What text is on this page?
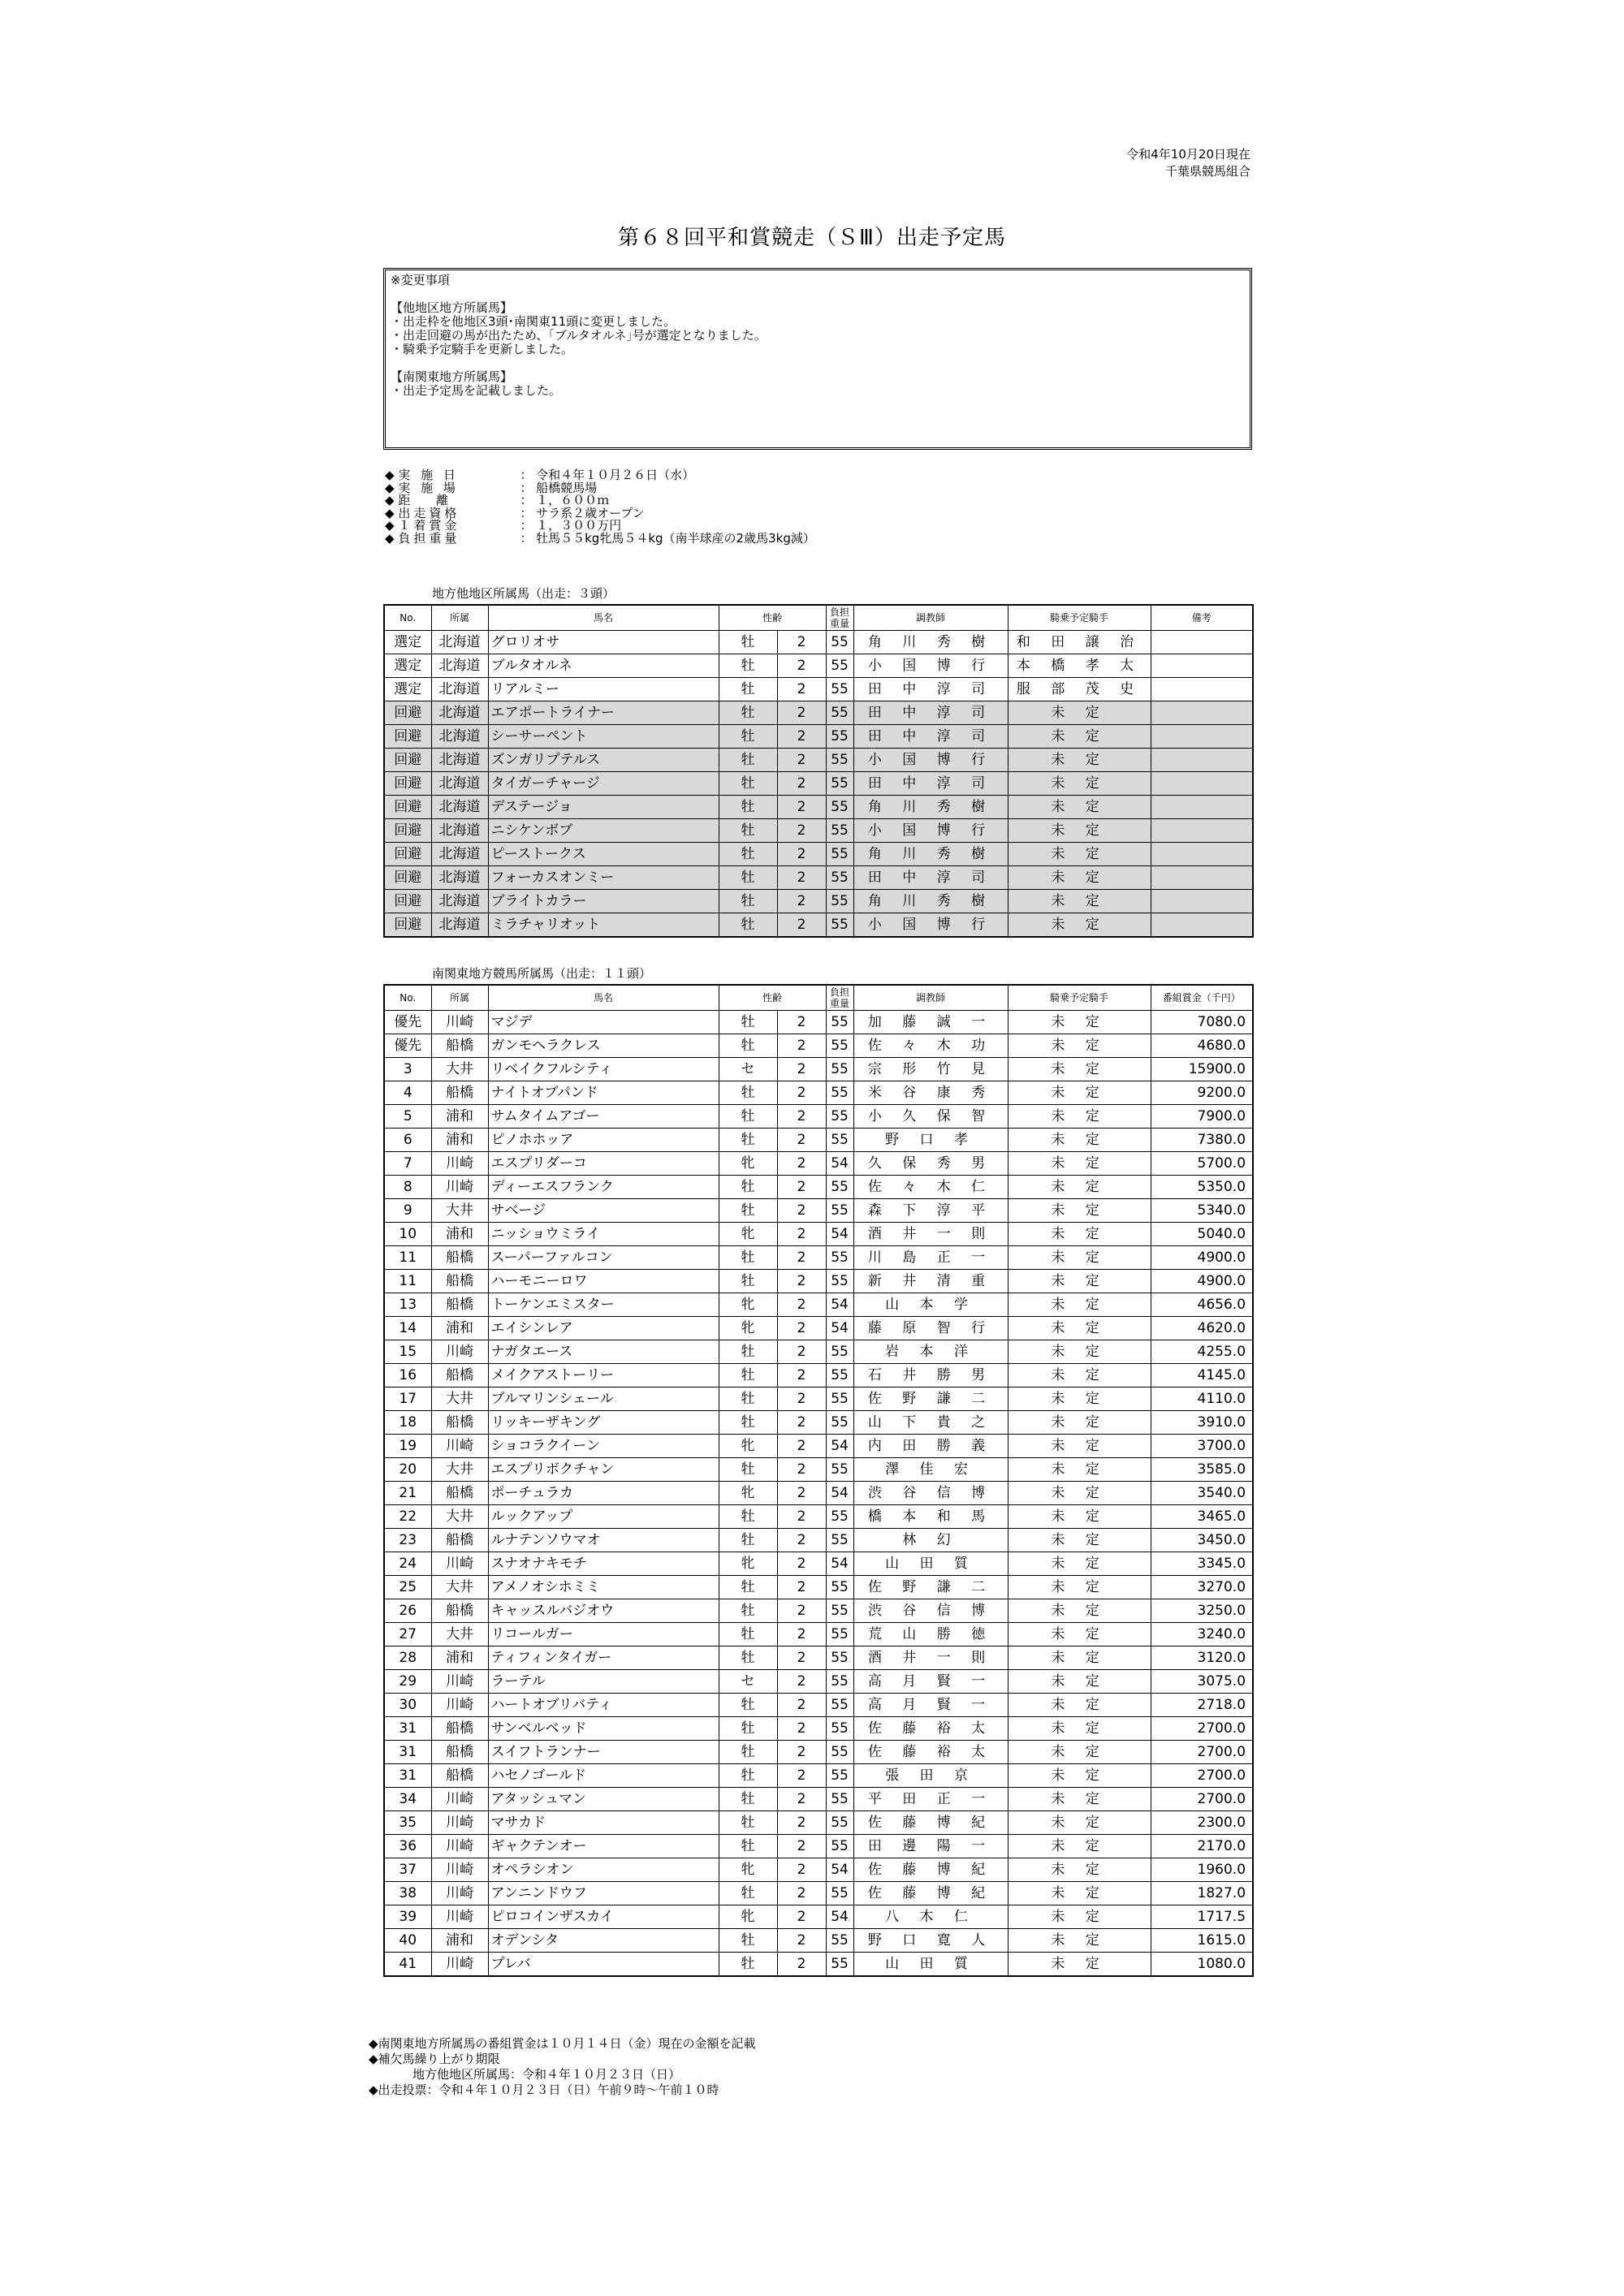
令和4年10月20日現在
千葉県競馬組合
第６８回平和賞競走（ＳⅢ）出走予定馬
※変更事項
【他地区地方所属馬】
・出走枠を他地区3頭･南関東11頭に変更しました。
・出走回避の馬が出たため、｢ブルタオルネ｣号が選定となりました。
・騎乗予定騎手を更新しました。
【南関東地方所属馬】
・出走予定馬を記載しました。
◆ 実 施 日	： 令和４年１０月２６日（水）
◆ 実 施 場	： 船橋競馬場
◆ 距　 離	： １，６００ｍ
◆ 出走資格	： サラ系２歳オープン
◆ １着賞金	： １，３００万円
◆ 負担重量	： 牡馬５５kg牝馬５４kg（南半球産の2歳馬3kg減）
地方他地区所属馬（出走：３頭）
No.	所属	馬名	性齢		負担重量	調教師	騎乗予定騎手	備考
選定	北海道	グロリオサ	牡	2	55	角 川 秀 樹	和 田 譲 治	
選定	北海道	ブルタオルネ	牡	2	55	小 国 博 行	本 橋 孝 太	
選定	北海道	リアルミー	牡	2	55	田 中 淳 司	服 部 茂 史	
回避	北海道	エアポートライナー	牡	2	55	田 中 淳 司	未 定	
回避	北海道	シーサーペント	牡	2	55	田 中 淳 司	未 定	
回避	北海道	ズンガリプテルス	牡	2	55	小 国 博 行	未 定	
回避	北海道	タイガーチャージ	牡	2	55	田 中 淳 司	未 定	
回避	北海道	デステージョ	牡	2	55	角 川 秀 樹	未 定	
回避	北海道	ニシケンボブ	牡	2	55	小 国 博 行	未 定	
回避	北海道	ピーストークス	牡	2	55	角 川 秀 樹	未 定	
回避	北海道	フォーカスオンミー	牡	2	55	田 中 淳 司	未 定	
回避	北海道	ブライトカラー	牡	2	55	角 川 秀 樹	未 定	
回避	北海道	ミラチャリオット	牡	2	55	小 国 博 行	未 定	
南関東地方競馬所属馬（出走：１１頭）
No.	所属	馬名	性齢		負担重量	調教師	騎乗予定騎手	番組賞金（千円）
優先	川崎	マジデ	牡	2	55	加 藤 誠 一	未 定	7080.0
優先	船橋	ガンモヘラクレス	牡	2	55	佐 々 木 功	未 定	4680.0
3	大井	リベイクフルシティ	セ	2	55	宗 形 竹 見	未 定	15900.0
4	船橋	ナイトオブパンド	牡	2	55	米 谷 康 秀	未 定	9200.0
5	浦和	サムタイムアゴー	牡	2	55	小 久 保 智	未 定	7900.0
6	浦和	ピノホホッア	牡	2	55	野 口 孝	未 定	7380.0
7	川崎	エスプリダーコ	牝	2	54	久 保 秀 男	未 定	5700.0
8	川崎	ディーエスフランク	牡	2	55	佐 々 木 仁	未 定	5350.0
9	大井	サベージ	牡	2	55	森 下 淳 平	未 定	5340.0
10	浦和	ニッショウミライ	牝	2	54	酒 井 一 則	未 定	5040.0
11	船橋	スーパーファルコン	牡	2	55	川 島 正 一	未 定	4900.0
11	船橋	ハーモニーロワ	牡	2	55	新 井 清 重	未 定	4900.0
13	船橋	トーケンエミスター	牝	2	54	山 本 学	未 定	4656.0
14	浦和	エイシンレア	牝	2	54	藤 原 智 行	未 定	4620.0
15	川崎	ナガタエース	牡	2	55	岩 本 洋	未 定	4255.0
16	船橋	メイクアストーリー	牡	2	55	石 井 勝 男	未 定	4145.0
17	大井	ブルマリンシェール	牡	2	55	佐 野 謙 二	未 定	4110.0
18	船橋	リッキーザキング	牡	2	55	山 下 貴 之	未 定	3910.0
19	川崎	ショコラクイーン	牝	2	54	内 田 勝 義	未 定	3700.0
20	大井	エスプリボクチャン	牡	2	55	澤 佳 宏	未 定	3585.0
21	船橋	ポーチュラカ	牝	2	54	渋 谷 信 博	未 定	3540.0
22	大井	ルックアップ	牡	2	55	橋 本 和 馬	未 定	3465.0
23	船橋	ルナテンソウマオ	牡	2	55	林 幻	未 定	3450.0
24	川崎	スナオナキモチ	牝	2	54	山 田 質	未 定	3345.0
25	大井	アメノオシホミミ	牡	2	55	佐 野 謙 二	未 定	3270.0
26	船橋	キャッスルバジオウ	牡	2	55	渋 谷 信 博	未 定	3250.0
27	大井	リコールガー	牡	2	55	荒 山 勝 徳	未 定	3240.0
28	浦和	ティフィンタイガー	牡	2	55	酒 井 一 則	未 定	3120.0
29	川崎	ラーテル	セ	2	55	高 月 賢 一	未 定	3075.0
30	川崎	ハートオブリバティ	牡	2	55	高 月 賢 一	未 定	2718.0
31	船橋	サンベルベッド	牡	2	55	佐 藤 裕 太	未 定	2700.0
31	船橋	スイフトランナー	牡	2	55	佐 藤 裕 太	未 定	2700.0
31	船橋	ハセノゴールド	牡	2	55	張 田 京	未 定	2700.0
34	川崎	アタッシュマン	牡	2	55	平 田 正 一	未 定	2700.0
35	川崎	マサカド	牡	2	55	佐 藤 博 紀	未 定	2300.0
36	川崎	ギャクテンオー	牡	2	55	田 邊 陽 一	未 定	2170.0
37	川崎	オペラシオン	牝	2	54	佐 藤 博 紀	未 定	1960.0
38	川崎	アンニンドウフ	牡	2	55	佐 藤 博 紀	未 定	1827.0
39	川崎	ピロコインザスカイ	牝	2	54	八 木 仁	未 定	1717.5
40	浦和	オデンシタ	牡	2	55	野 口 寛 人	未 定	1615.0
41	川崎	プレバ	牡	2	55	山 田 質	未 定	1080.0
◆南関東地方所属馬の番組賞金は１０月１４日（金）現在の金額を記載
◆補欠馬繰り上がり期限
地方他地区所属馬：令和４年１０月２３日（日）
◆出走投票：令和４年１０月２３日（日）午前９時～午前１０時
